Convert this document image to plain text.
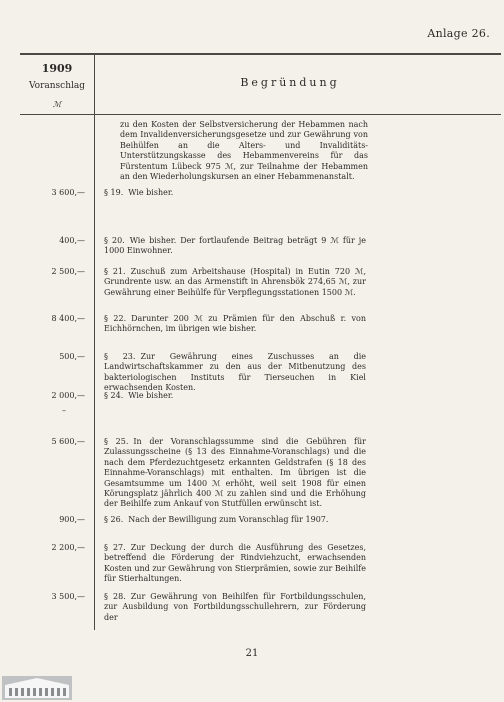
Anlage 26.
1909
Voranschlag
ℳ
Begründung
zu den Kosten der Selbstversicherung der Hebammen nach dem Invalidenversicherungsgesetze und zur Gewährung von Beihülfen an die Alters- und Invaliditäts-Unterstützungskasse des Hebammenvereins für das Fürstentum Lübeck 975 ℳ, zur Teilnahme der Hebammen an den Wiederholungskursen an einer Hebammenanstalt.
3 600,— § 19. Wie bisher.
400,— § 20. Wie bisher. Der fortlaufende Beitrag beträgt 9 ℳ für je 1000 Einwohner.
2 500,— § 21. Zuschuß zum Arbeitshause (Hospital) in Eutin 720 ℳ, Grundrente usw. an das Armenstift in Ahrensbök 274,65 ℳ, zur Gewährung einer Beihülfe für Verpflegungsstationen 1500 ℳ.
8 400,— § 22. Darunter 200 ℳ zu Prämien für den Abschuß r. von Eichhörnchen, im übrigen wie bisher.
500,— § 23. Zur Gewährung eines Zuschusses an die Landwirtschaftskammer zu den aus der Mitbenutzung des bakteriologischen Instituts für Tierseuchen in Kiel erwachsenden Kosten.
2 000,— § 24. Wie bisher.
–
5 600,— § 25. In der Voranschlagssumme sind die Gebühren für Zulassungsscheine (§ 13 des Einnahme-Voranschlags) und die nach dem Pferdezuchtgesetz erkannten Geldstrafen (§ 18 des Einnahme-Voranschlags) mit enthalten. Im übrigen ist die Gesamtsumme um 1400 ℳ erhöht, weil seit 1908 für einen Körungsplatz jährlich 400 ℳ zu zahlen sind und die Erhöhung der Beihilfe zum Ankauf von Stutfüllen erwünscht ist.
900,— § 26. Nach der Bewilligung zum Voranschlag für 1907.
2 200,— § 27. Zur Deckung der durch die Ausführung des Gesetzes, betreffend die Förderung der Rindviehzucht, erwachsenden Kosten und zur Gewährung von Stierprämien, sowie zur Beihilfe für Stierhaltungen.
3 500,— § 28. Zur Gewährung von Beihilfen für Fortbildungsschulen, zur Ausbildung von Fortbildungsschullehrern, zur Förderung der
21
